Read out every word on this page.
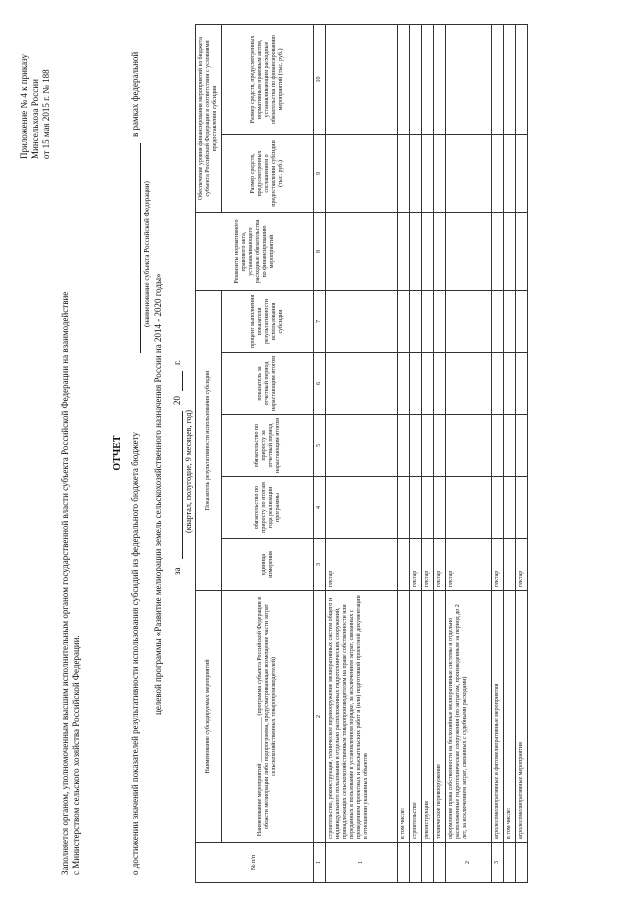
Приложение № 4 к приказу Минсельхоза России от 15 мая 2015 г. № 188
Заполняется органом, уполномоченным высшим исполнительным органом государственной власти субъекта Российской Федерации на взаимодействие с Министерством сельского хозяйства Российской Федерации.
ОТЧЕТ о достижении значений показателей результативности использования субсидий из федерального бюджета бюджету
в рамках федеральной
(наименование субъекта Российской Федерации)
целевой программы «Развитие мелиорации земель сельскохозяйственного назначения России на 2014 - 2020 годы» за
20
г.
(квартал, полугодие, 9 месяцев, год)
№ п/п	Наименование субсидируемых мероприятий	Показатель результативности использования субсидии					Реквизиты нормативного правового акта, устанавливающего расходные обязательства по финансированию мероприятий	Обеспечение уровня финансирования мероприятий из бюджета субъекта Российской Федерации в соответствии с условиями предоставления субсидии	
	Наименование мероприятий _______________ (программа субъекта Российской Федерации в области мелиорации либо подпрограмма, предусматривающая возмещение части затрат сельскохозяйственных товаропроизводителей)	единица измерения	обязательство по приросту по итогам года реализации программы	обязательство по приросту за отчетный период нарастающим итогом	показатель за отчетный период нарастающим итогом	процент выполнения показателя результативности использования субсидии		Размер средств, предусмотренных соглашением о предоставлении субсидии (тыс. руб.)	Размер средств, предусмотренных нормативным правовым актом, устанавливающим расходные обязательства по финансированию мероприятий (тыс. руб.)
1	2	3	4	5	6	7	8	9	10
1	строительство, реконструкция, техническое перевооружение мелиоративных систем общего и индивидуального пользования и отдельно расположенных гидротехнических сооружений, принадлежащих сельскохозяйственным товаропроизводителям на праве собственности или переданных в пользование в установленном порядке, за исключением затрат, связанных с проведением проектных и изыскательских работ и (или) подготовкой проектной документации в отношении указанных объектов	гектар							
	в том числе:								
	строительство	гектар							
	реконструкция	гектар							
	техническое перевооружение	гектар							
2	оформление права собственности на бесхозяйные мелиоративные системы и отдельно расположенные гидротехнические сооружения (по затратам, произведенным за период до 2 лет, за исключением затрат, связанных с судебными расходами)	гектар							
3	агролесомелиоративные и фитомелиоративные мероприятия	гектар							
	в том числе:								
	агролесомелиоративные мероприятия	гектар							
